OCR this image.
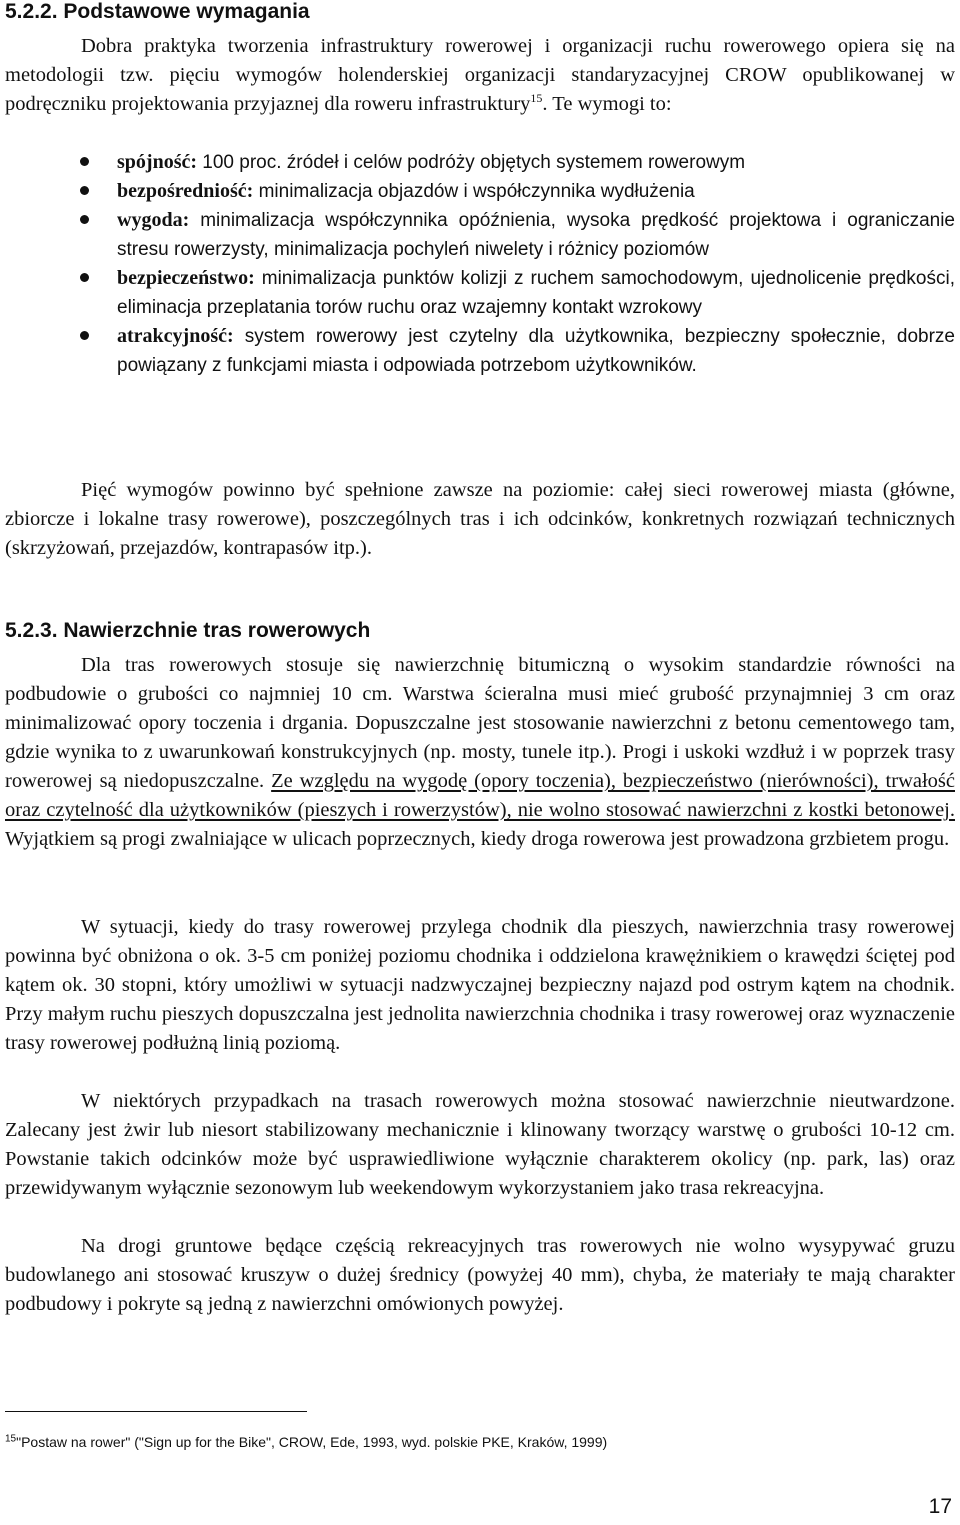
5.2.2. Podstawowe wymagania

Dobra praktyka tworzenia infrastruktury rowerowej i organizacji ruchu rowerowego opiera się na metodologii tzw. pięciu wymogów holenderskiej organizacji standaryzacyjnej CROW opublikowanej w podręczniku projektowania przyjaznej dla roweru infrastruktury$^{15}$. Te wymogi to:

spójność: 100 proc. źródeł i celów podróży objętych systemem rowerowym
bezpośredniość: minimalizacja objazdów i współczynnika wydłużenia
wygoda: minimalizacja współczynnika opóźnienia, wysoka prędkość projektowa i ograniczanie stresu rowerzysty, minimalizacja pochyleń niwelety i różnicy poziomów
bezpieczeństwo: minimalizacja punktów kolizji z ruchem samochodowym, ujednolicenie prędkości, eliminacja przeplatania torów ruchu oraz wzajemny kontakt wzrokowy
atrakcyjność: system rowerowy jest czytelny dla użytkownika, bezpieczny społecznie, dobrze powiązany z funkcjami miasta i odpowiada potrzebom użytkowników.

Pięć wymogów powinno być spełnione zawsze na poziomie: całej sieci rowerowej miasta (główne, zbiorcze i lokalne trasy rowerowe), poszczególnych tras i ich odcinków, konkretnych rozwiązań technicznych (skrzyżowań, przejazdów, kontrapasów itp.).

5.2.3. Nawierzchnie tras rowerowych

Dla tras rowerowych stosuje się nawierzchnię bitumiczną o wysokim standardzie równości na podbudowie o grubości co najmniej 10 cm. Warstwa ścieralna musi mieć grubość przynajmniej 3 cm oraz minimalizować opory toczenia i drgania. Dopuszczalne jest stosowanie nawierzchni z betonu cementowego tam, gdzie wynika to z uwarunkowań konstrukcyjnych (np. mosty, tunele itp.). Progi i uskoki wzdłuż i w poprzek trasy rowerowej są niedopuszczalne. Ze względu na wygodę (opory toczenia), bezpieczeństwo (nierówności), trwałość oraz czytelność dla użytkowników (pieszych i rowerzystów), nie wolno stosować nawierzchni z kostki betonowej. Wyjątkiem są progi zwalniające w ulicach poprzecznych, kiedy droga rowerowa jest prowadzona grzbietem progu.

W sytuacji, kiedy do trasy rowerowej przylega chodnik dla pieszych, nawierzchnia trasy rowerowej powinna być obniżona o ok. 3-5 cm poniżej poziomu chodnika i oddzielona krawężnikiem o krawędzi ściętej pod kątem ok. 30 stopni, który umożliwi w sytuacji nadzwyczajnej bezpieczny najazd pod ostrym kątem na chodnik. Przy małym ruchu pieszych dopuszczalna jest jednolita nawierzchnia chodnika i trasy rowerowej oraz wyznaczenie trasy rowerowej podłużną linią poziomą.

W niektórych przypadkach na trasach rowerowych można stosować nawierzchnie nieutwardzone. Zalecany jest żwir lub niesort stabilizowany mechanicznie i klinowany tworzący warstwę o grubości 10-12 cm. Powstanie takich odcinków może być usprawiedliwione wyłącznie charakterem okolicy (np. park, las) oraz przewidywanym wyłącznie sezonowym lub weekendowym wykorzystaniem jako trasa rekreacyjna.

Na drogi gruntowe będące częścią rekreacyjnych tras rowerowych nie wolno wysypywać gruzu budowlanego ani stosować kruszyw o dużej średnicy (powyżej 40 mm), chyba, że materiały te mają charakter podbudowy i pokryte są jedną z nawierzchni omówionych powyżej.

$^{15}$"Postaw na rower" ("Sign up for the Bike", CROW, Ede, 1993, wyd. polskie PKE, Kraków, 1999)

17
